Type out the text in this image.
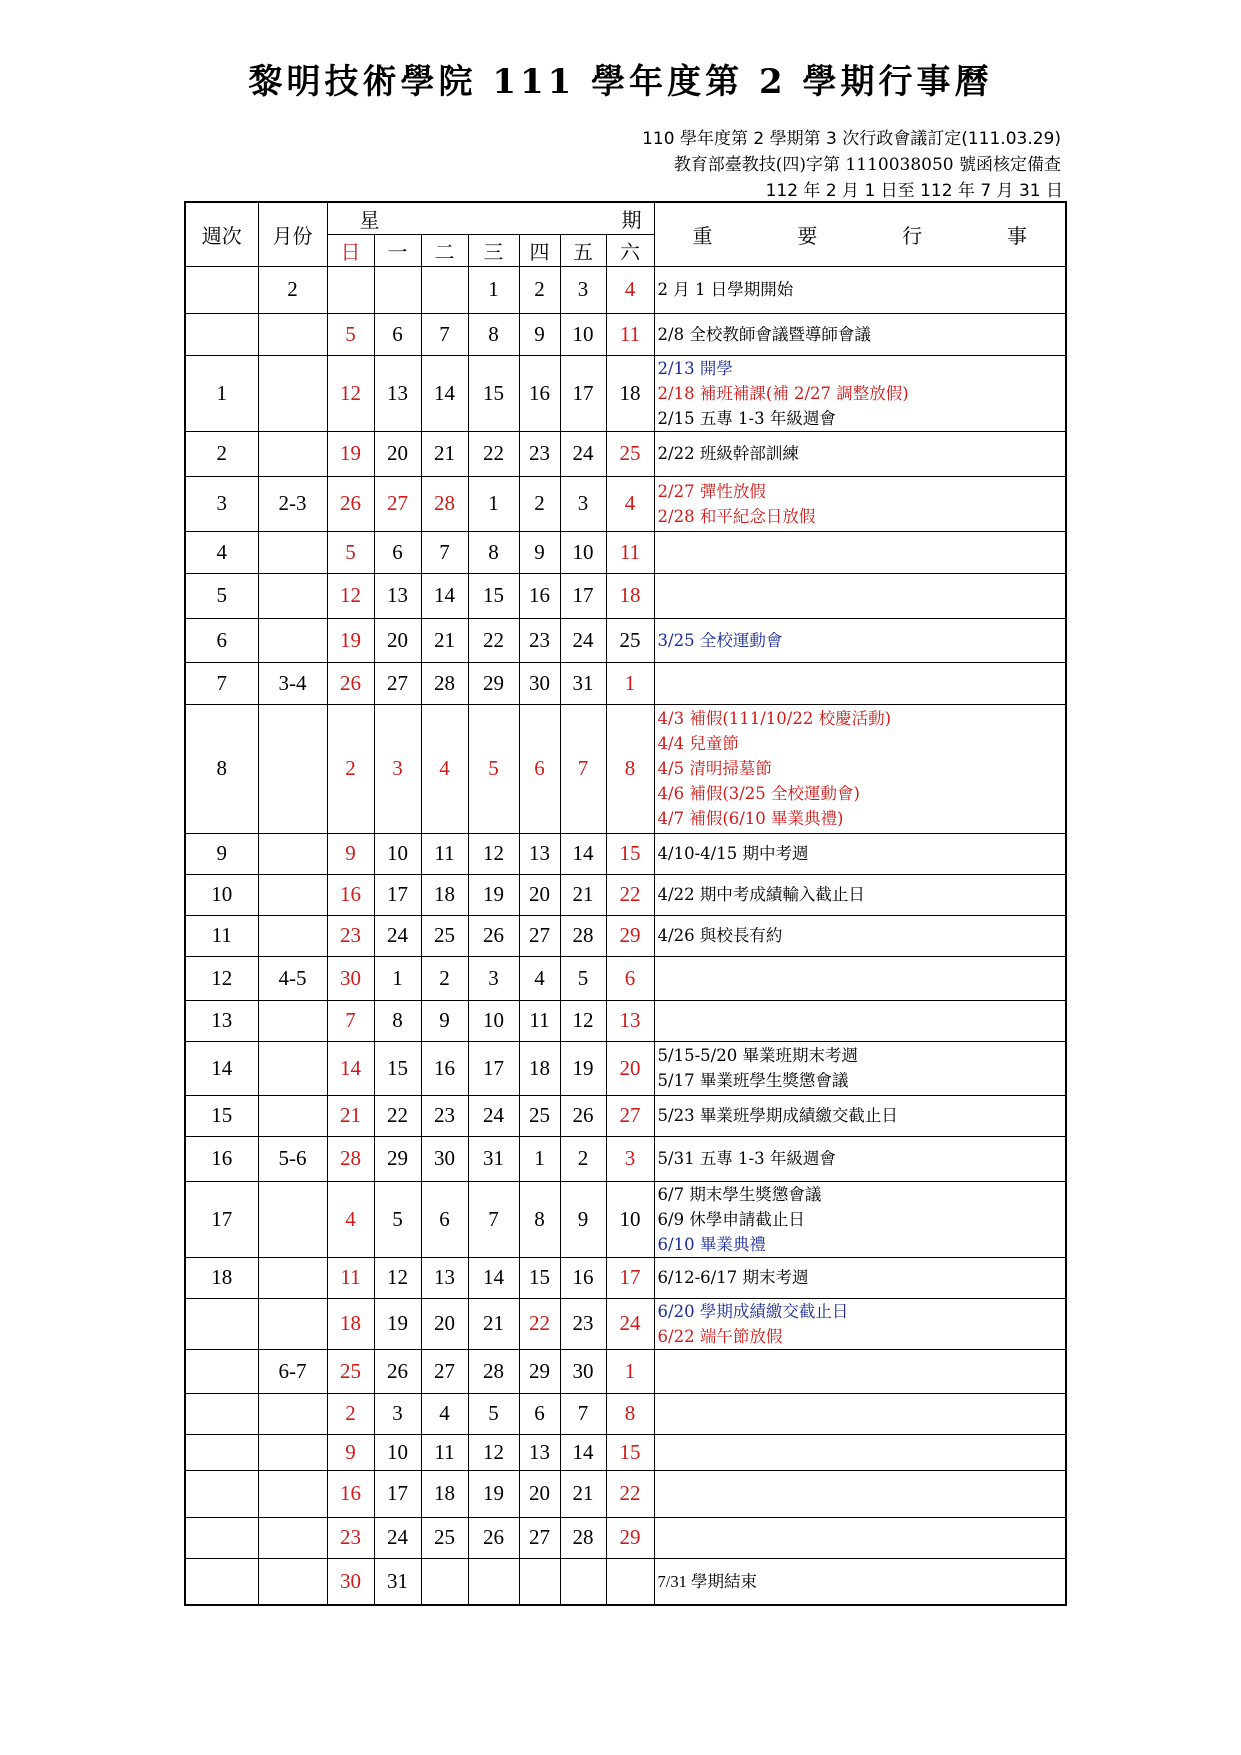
黎明技術學院 111 學年度第 2 學期行事曆
110 學年度第 2 學期第 3 次行政會議訂定(111.03.29)
教育部臺教技(四)字第 1110038050 號函核定備查
112 年 2 月 1 日至 112 年 7 月 31 日
週次	月份	星 期							重 要 行 事

		日	一	二	三	四	五	六	
	2				1	2	3	4	2 月 1 日學期開始

		5	6	7	8	9	10	11	2/8 全校教師會議暨導師會議

1		12	13	14	15	16	17	18	2/13 開學
2/18 補班補課(補 2/27 調整放假)
2/15 五專 1-3 年級週會

2		19	20	21	22	23	24	25	2/22 班級幹部訓練

3	2-3	26	27	28	1	2	3	4	2/27 彈性放假
2/28 和平紀念日放假

4		5	6	7	8	9	10	11	
5		12	13	14	15	16	17	18	
6		19	20	21	22	23	24	25	3/25 全校運動會

7	3-4	26	27	28	29	30	31	1	
8		2	3	4	5	6	7	8	4/3 補假(111/10/22 校慶活動)
4/4 兒童節
4/5 清明掃墓節
4/6 補假(3/25 全校運動會)
4/7 補假(6/10 畢業典禮)

9		9	10	11	12	13	14	15	4/10-4/15 期中考週

10		16	17	18	19	20	21	22	4/22 期中考成績輸入截止日

11		23	24	25	26	27	28	29	4/26 與校長有約

12	4-5	30	1	2	3	4	5	6	
13		7	8	9	10	11	12	13	
14		14	15	16	17	18	19	20	5/15-5/20 畢業班期末考週
5/17 畢業班學生獎懲會議

15		21	22	23	24	25	26	27	5/23 畢業班學期成績繳交截止日

16	5-6	28	29	30	31	1	2	3	5/31 五專 1-3 年級週會

17		4	5	6	7	8	9	10	6/7 期末學生獎懲會議
6/9 休學申請截止日
6/10 畢業典禮

18		11	12	13	14	15	16	17	6/12-6/17 期末考週

		18	19	20	21	22	23	24	6/20 學期成績繳交截止日
6/22 端午節放假

	6-7	25	26	27	28	29	30	1	
		2	3	4	5	6	7	8	
		9	10	11	12	13	14	15	
		16	17	18	19	20	21	22	
		23	24	25	26	27	28	29	
		30	31						7/31 學期結束
